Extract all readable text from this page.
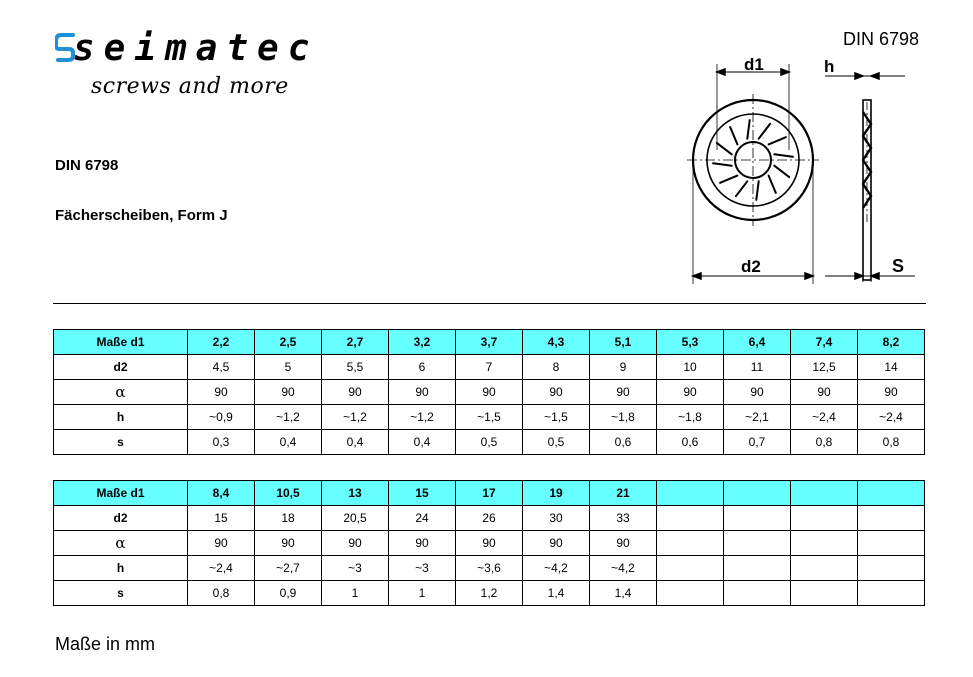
seimatec
screws and more
DIN 6798
DIN 6798
Fächerscheiben, Form J
d1
d2
h
S
Maße d1	2,2	2,5	2,7	3,2	3,7	4,3	5,1	5,3	6,4	7,4	8,2
d2	4,5	5	5,5	6	7	8	9	10	11	12,5	14
α	90	90	90	90	90	90	90	90	90	90	90
h	~0,9	~1,2	~1,2	~1,2	~1,5	~1,5	~1,8	~1,8	~2,1	~2,4	~2,4
s	0,3	0,4	0,4	0,4	0,5	0,5	0,6	0,6	0,7	0,8	0,8
Maße d1	8,4	10,5	13	15	17	19	21				
d2	15	18	20,5	24	26	30	33				
α	90	90	90	90	90	90	90				
h	~2,4	~2,7	~3	~3	~3,6	~4,2	~4,2				
s	0,8	0,9	1	1	1,2	1,4	1,4				
Maße in mm
